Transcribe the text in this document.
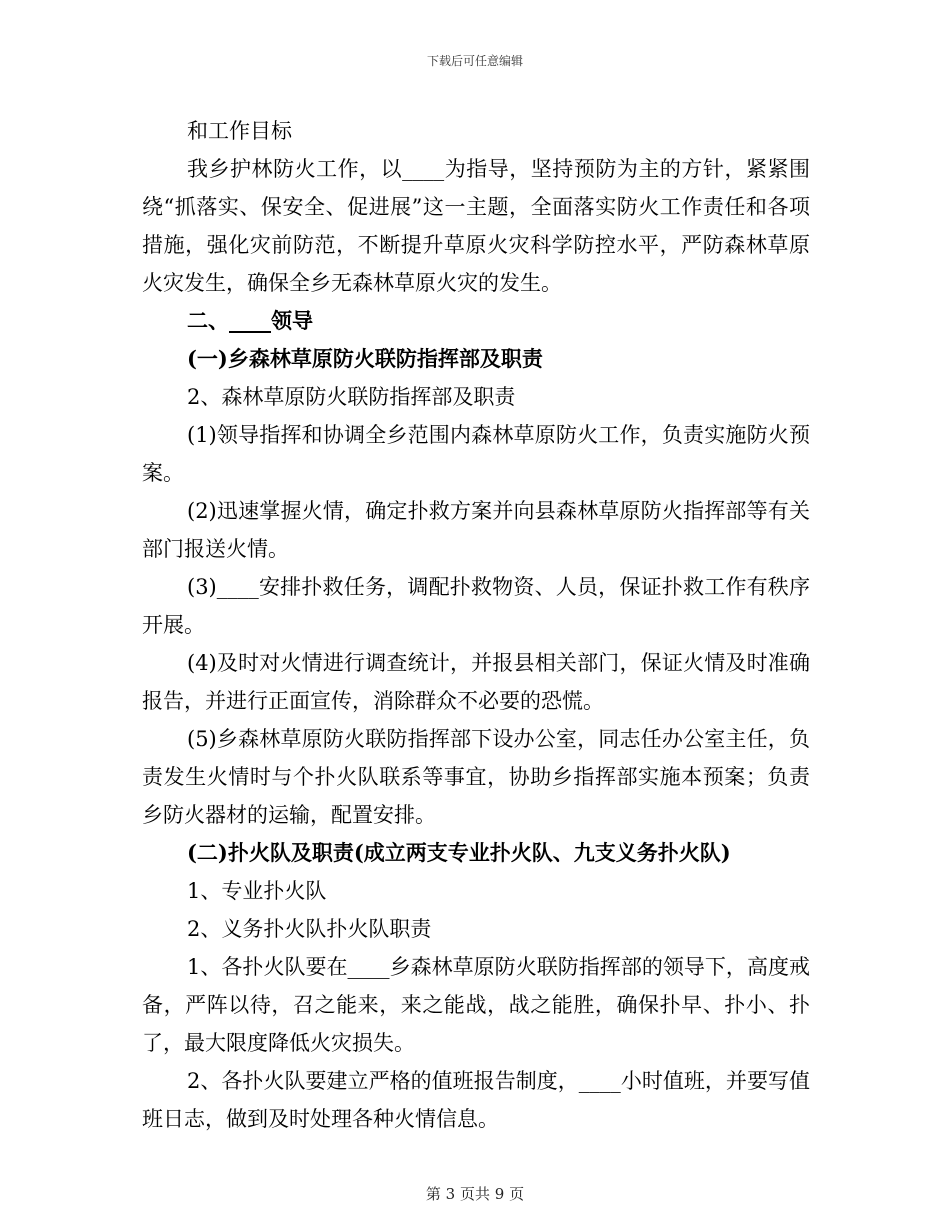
下载后可任意编辑

和工作目标

我乡护林防火工作，以____为指导，坚持预防为主的方针，紧紧围绕“抓落实、保安全、促进展”这一主题，全面落实防火工作责任和各项措施，强化灾前防范，不断提升草原火灾科学防控水平，严防森林草原火灾发生，确保全乡无森林草原火灾的发生。

二、____领导

(一)乡森林草原防火联防指挥部及职责

2、森林草原防火联防指挥部及职责

(1)领导指挥和协调全乡范围内森林草原防火工作，负责实施防火预案。

(2)迅速掌握火情，确定扑救方案并向县森林草原防火指挥部等有关部门报送火情。

(3)____安排扑救任务，调配扑救物资、人员，保证扑救工作有秩序开展。

(4)及时对火情进行调查统计，并报县相关部门，保证火情及时准确报告，并进行正面宣传，消除群众不必要的恐慌。

(5)乡森林草原防火联防指挥部下设办公室，同志任办公室主任，负责发生火情时与个扑火队联系等事宜，协助乡指挥部实施本预案；负责乡防火器材的运输，配置安排。

(二)扑火队及职责(成立两支专业扑火队、九支义务扑火队)

1、专业扑火队

2、义务扑火队扑火队职责

1、各扑火队要在____乡森林草原防火联防指挥部的领导下，高度戒备，严阵以待，召之能来，来之能战，战之能胜，确保扑早、扑小、扑了，最大限度降低火灾损失。

2、各扑火队要建立严格的值班报告制度，____小时值班，并要写值班日志，做到及时处理各种火情信息。

第 3 页共 9 页
